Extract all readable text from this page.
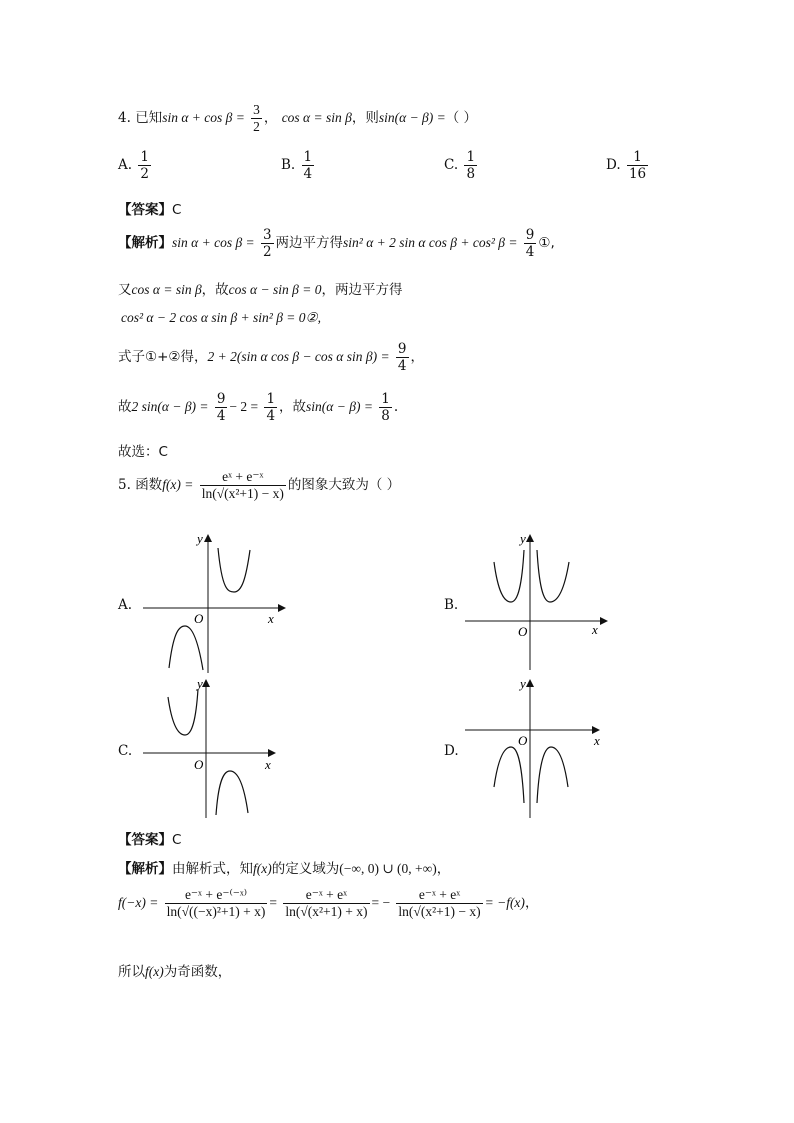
4. 已知$\sin \alpha + \cos \beta = \frac{3}{2}$ ， cos α = sin β，则sin(α − β) =（ ）
A. $\frac{1}{2}$	B. $\frac{1}{4}$	C. $\frac{1}{8}$	D. $\frac{1}{16}$
【答案】C
【解析】$\sin \alpha + \cos \beta = \frac{3}{2}$ 两边平方得sin² α + 2 sin α cos β + cos² $\beta = \frac{9}{4}$ ①,
又cos α = sin β，故cos α − sin β = 0，两边平方得
cos² α − 2 cos α sin β + sin² β = 0②,
式子①+②得，2 + 2(sin α cos β − cos α $\sin \beta) = \frac{9}{4}$ ，
故2 $\sin(\alpha - \beta) = \frac{9}{4} - 2 = \frac{1}{4}$ ，故$\sin(\alpha - \beta) = \frac{1}{8}$ .
故选：C
5. 函数$f(x) = \frac{\text{eˣ + e⁻ˣ}}{\text{ln(√(x²+1) − x)}}$ 的图象大致为（ ）
A.
y
x
O
B.
y
x
O
C.
y
x
O
D.
y
x
O
【答案】C
【解析】由解析式，知f(x)的定义域为(−∞, 0) ∪ (0, +∞)，
$f(-x) = \frac{\text{e⁻ˣ + e⁻⁽⁻ˣ⁾}}{\text{ln(√((−x)²+1) + x)}} = \frac{\text{e⁻ˣ + eˣ}}{\text{ln(√(x²+1) + x)}}$ = − $\frac{\text{e⁻ˣ + eˣ}}{\text{ln(√(x²+1) − x)}} = -f(x)$，
所以f(x)为奇函数，
